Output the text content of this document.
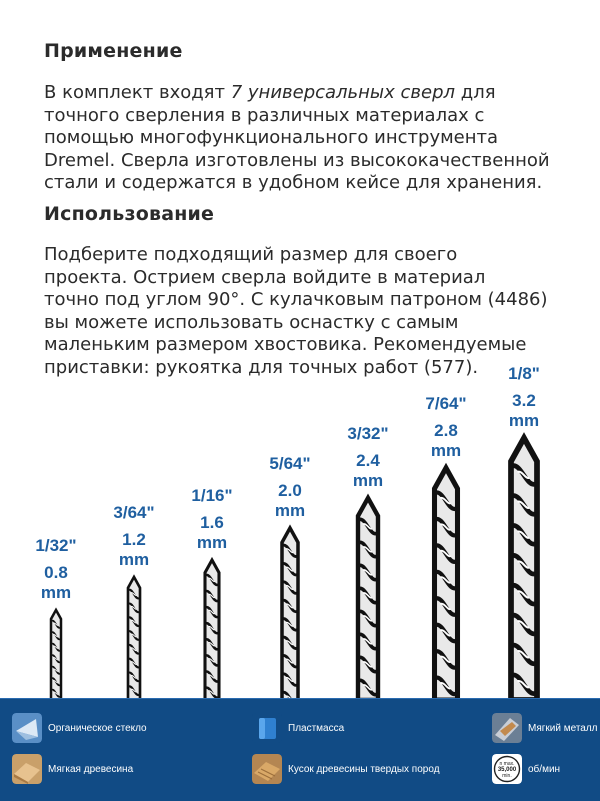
Применение
В комплект входят 7 универсальных сверл для
точного сверления в различных материалах с
помощью многофункционального инструмента
Dremel. Сверла изготовлены из высококачественной
стали и содержатся в удобном кейсе для хранения.
Использование
Подберите подходящий размер для своего
проекта. Острием сверла войдите в материал
точно под углом 90°. С кулачковым патроном (4486)
вы можете использовать оснастку с самым
маленьким размером хвостовика. Рекомендуемые
приставки: рукоятка для точных работ (577).
1/32"
0.8
mm
3/64"
1.2
mm
1/16"
1.6
mm
5/64"
2.0
mm
3/32"
2.4
mm
7/64"
2.8
mm
1/8"
3.2
mm
Органическое стекло	Пластмасса	Мягкий металл
Мягкая древесина	Кусок древесины твердых пород	n max.
35,000
min.
об/мин
